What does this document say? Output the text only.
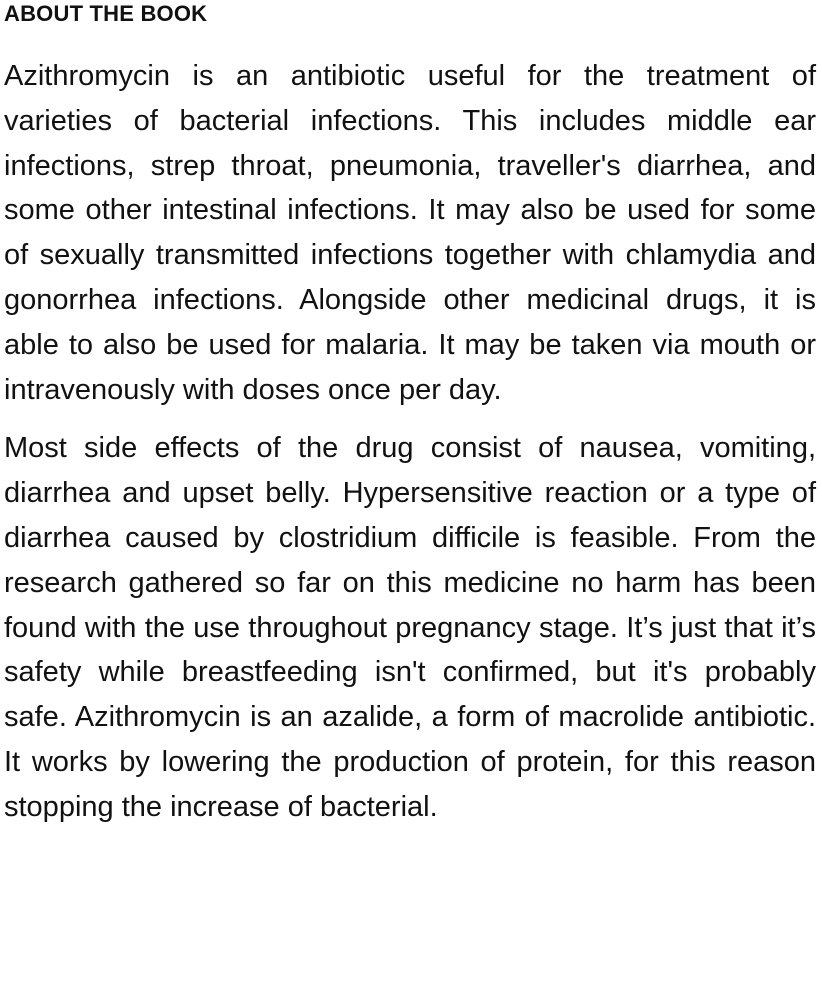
ABOUT THE BOOK

Azithromycin is an antibiotic useful for the treatment of varieties of bacterial infections. This includes middle ear infections, strep throat, pneumonia, traveller's diarrhea, and some other intestinal infections. It may also be used for some of sexually transmitted infections together with chlamydia and gonorrhea infections. Alongside other medicinal drugs, it is able to also be used for malaria. It may be taken via mouth or intravenously with doses once per day.

Most side effects of the drug consist of nausea, vomiting, diarrhea and upset belly. Hypersensitive reaction or a type of diarrhea caused by clostridium difficile is feasible. From the research gathered so far on this medicine no harm has been found with the use throughout pregnancy stage. It’s just that it’s safety while breastfeeding isn't confirmed, but it's probably safe. Azithromycin is an azalide, a form of macrolide antibiotic. It works by lowering the production of protein, for this reason stopping the increase of bacterial.
